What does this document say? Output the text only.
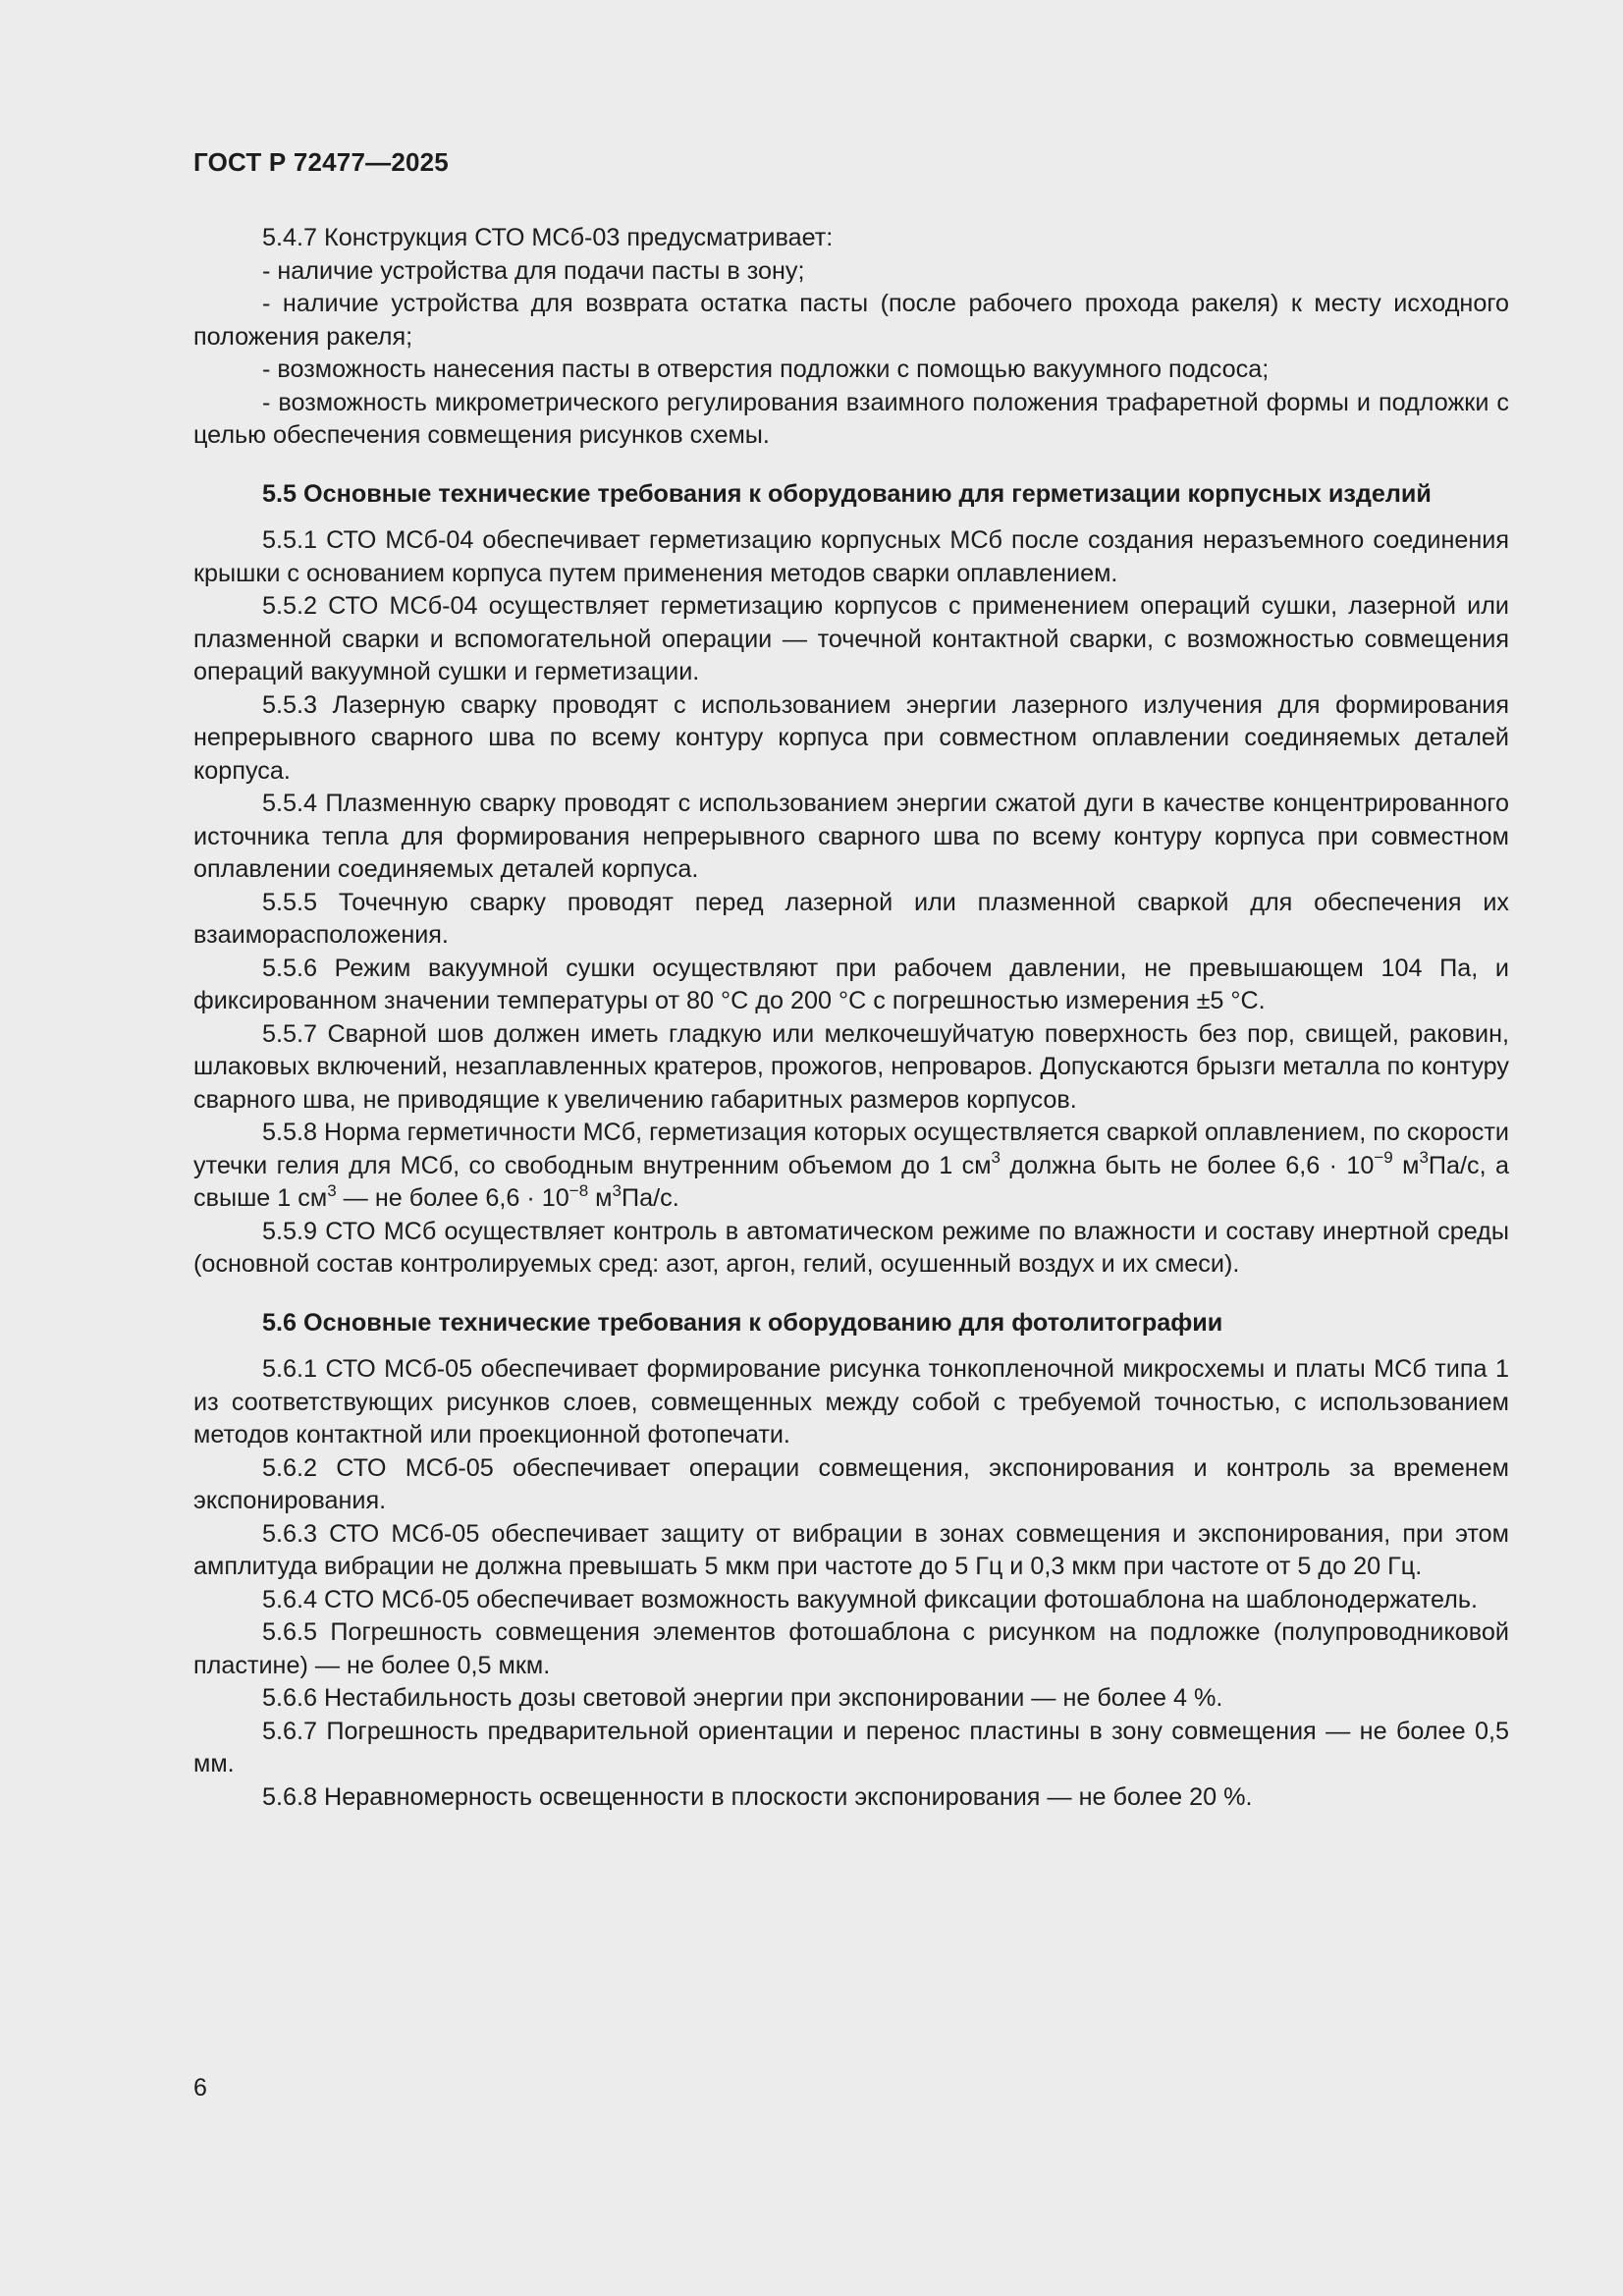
ГОСТ Р 72477—2025

5.4.7 Конструкция СТО МСб-03 предусматривает:

- наличие устройства для подачи пасты в зону;

- наличие устройства для возврата остатка пасты (после рабочего прохода ракеля) к месту исходного положения ракеля;

- возможность нанесения пасты в отверстия подложки с помощью вакуумного подсоса;

- возможность микрометрического регулирования взаимного положения трафаретной формы и подложки с целью обеспечения совмещения рисунков схемы.

5.5 Основные технические требования к оборудованию для герметизации корпусных изделий

5.5.1 СТО МСб-04 обеспечивает герметизацию корпусных МСб после создания неразъемного соединения крышки с основанием корпуса путем применения методов сварки оплавлением.

5.5.2 СТО МСб-04 осуществляет герметизацию корпусов с применением операций сушки, лазерной или плазменной сварки и вспомогательной операции — точечной контактной сварки, с возможностью совмещения операций вакуумной сушки и герметизации.

5.5.3 Лазерную сварку проводят с использованием энергии лазерного излучения для формирования непрерывного сварного шва по всему контуру корпуса при совместном оплавлении соединяемых деталей корпуса.

5.5.4 Плазменную сварку проводят с использованием энергии сжатой дуги в качестве концентрированного источника тепла для формирования непрерывного сварного шва по всему контуру корпуса при совместном оплавлении соединяемых деталей корпуса.

5.5.5 Точечную сварку проводят перед лазерной или плазменной сваркой для обеспечения их взаиморасположения.

5.5.6 Режим вакуумной сушки осуществляют при рабочем давлении, не превышающем 104 Па, и фиксированном значении температуры от 80 °С до 200 °С с погрешностью измерения ±5 °С.

5.5.7 Сварной шов должен иметь гладкую или мелкочешуйчатую поверхность без пор, свищей, раковин, шлаковых включений, незаплавленных кратеров, прожогов, непроваров. Допускаются брызги металла по контуру сварного шва, не приводящие к увеличению габаритных размеров корпусов.

5.5.8 Норма герметичности МСб, герметизация которых осуществляется сваркой оплавлением, по скорости утечки гелия для МСб, со свободным внутренним объемом до 1 $см^3$ должна быть не более $6,6 \cdot 10^{-9}$ $м^3Па/с$, а свыше 1 $см^3$ — не более $6,6 \cdot 10^{-8}$ $м^3Па/с$.

5.5.9 СТО МСб осуществляет контроль в автоматическом режиме по влажности и составу инертной среды (основной состав контролируемых сред: азот, аргон, гелий, осушенный воздух и их смеси).

5.6 Основные технические требования к оборудованию для фотолитографии

5.6.1 СТО МСб-05 обеспечивает формирование рисунка тонкопленочной микросхемы и платы МСб типа 1 из соответствующих рисунков слоев, совмещенных между собой с требуемой точностью, с использованием методов контактной или проекционной фотопечати.

5.6.2 СТО МСб-05 обеспечивает операции совмещения, экспонирования и контроль за временем экспонирования.

5.6.3 СТО МСб-05 обеспечивает защиту от вибрации в зонах совмещения и экспонирования, при этом амплитуда вибрации не должна превышать 5 мкм при частоте до 5 Гц и 0,3 мкм при частоте от 5 до 20 Гц.

5.6.4 СТО МСб-05 обеспечивает возможность вакуумной фиксации фотошаблона на шаблонодержатель.

5.6.5 Погрешность совмещения элементов фотошаблона с рисунком на подложке (полупроводниковой пластине) — не более 0,5 мкм.

5.6.6 Нестабильность дозы световой энергии при экспонировании — не более 4 %.

5.6.7 Погрешность предварительной ориентации и перенос пластины в зону совмещения — не более 0,5 мм.

5.6.8 Неравномерность освещенности в плоскости экспонирования — не более 20 %.

6
